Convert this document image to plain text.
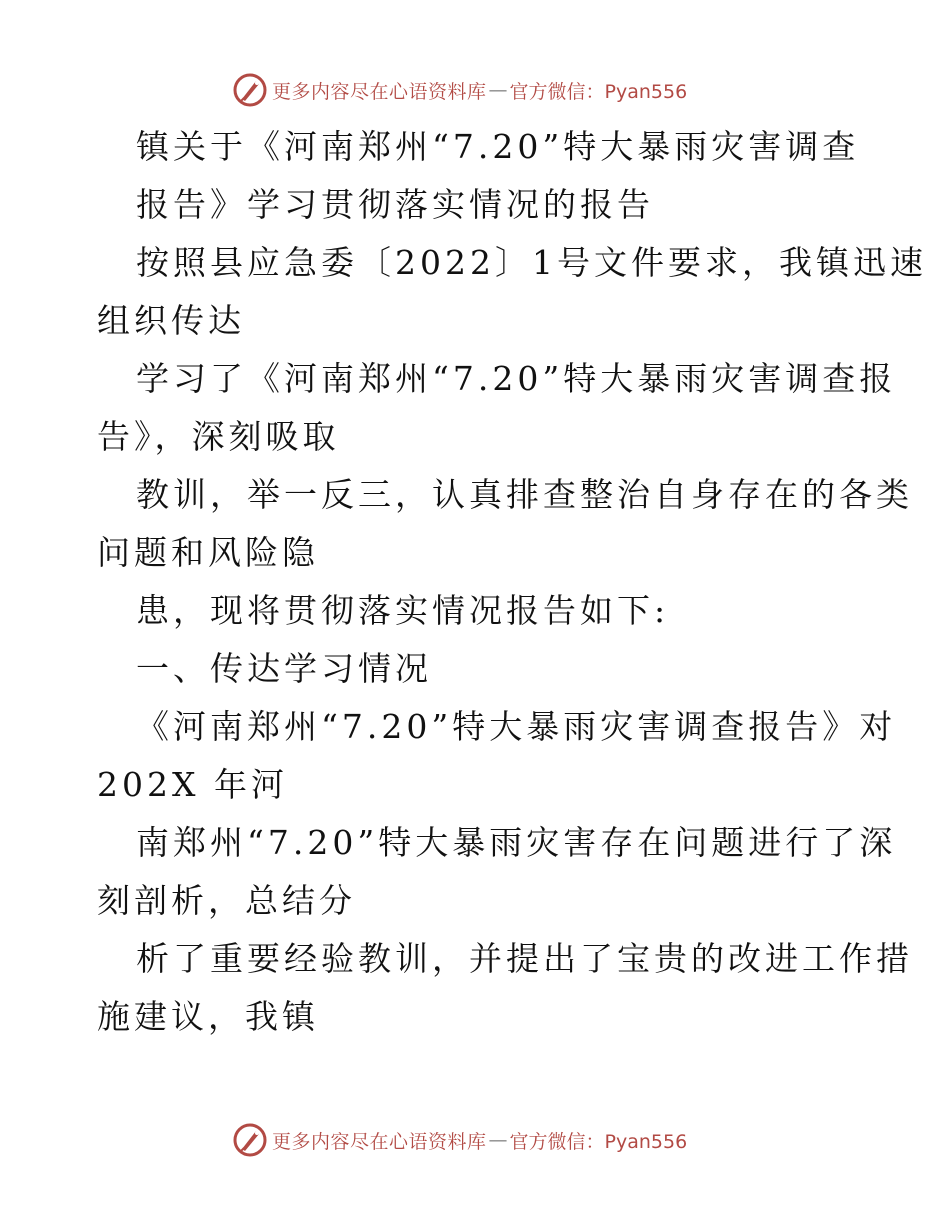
更多内容尽在心语资料库 — 官方微信：Pyan556

镇关于《河南郑州“7.20”特大暴雨灾害调查

报告》学习贯彻落实情况的报告

按照县应急委〔2022〕1号文件要求，我镇迅速

组织传达

学习了《河南郑州“7.20”特大暴雨灾害调查报

告》，深刻吸取

教训，举一反三，认真排查整治自身存在的各类

问题和风险隐

患，现将贯彻落实情况报告如下:

一、传达学习情况

《河南郑州“7.20”特大暴雨灾害调查报告》对

202X 年河

南郑州“7.20”特大暴雨灾害存在问题进行了深

刻剖析，总结分

析了重要经验教训，并提出了宝贵的改进工作措

施建议，我镇

更多内容尽在心语资料库 — 官方微信：Pyan556
